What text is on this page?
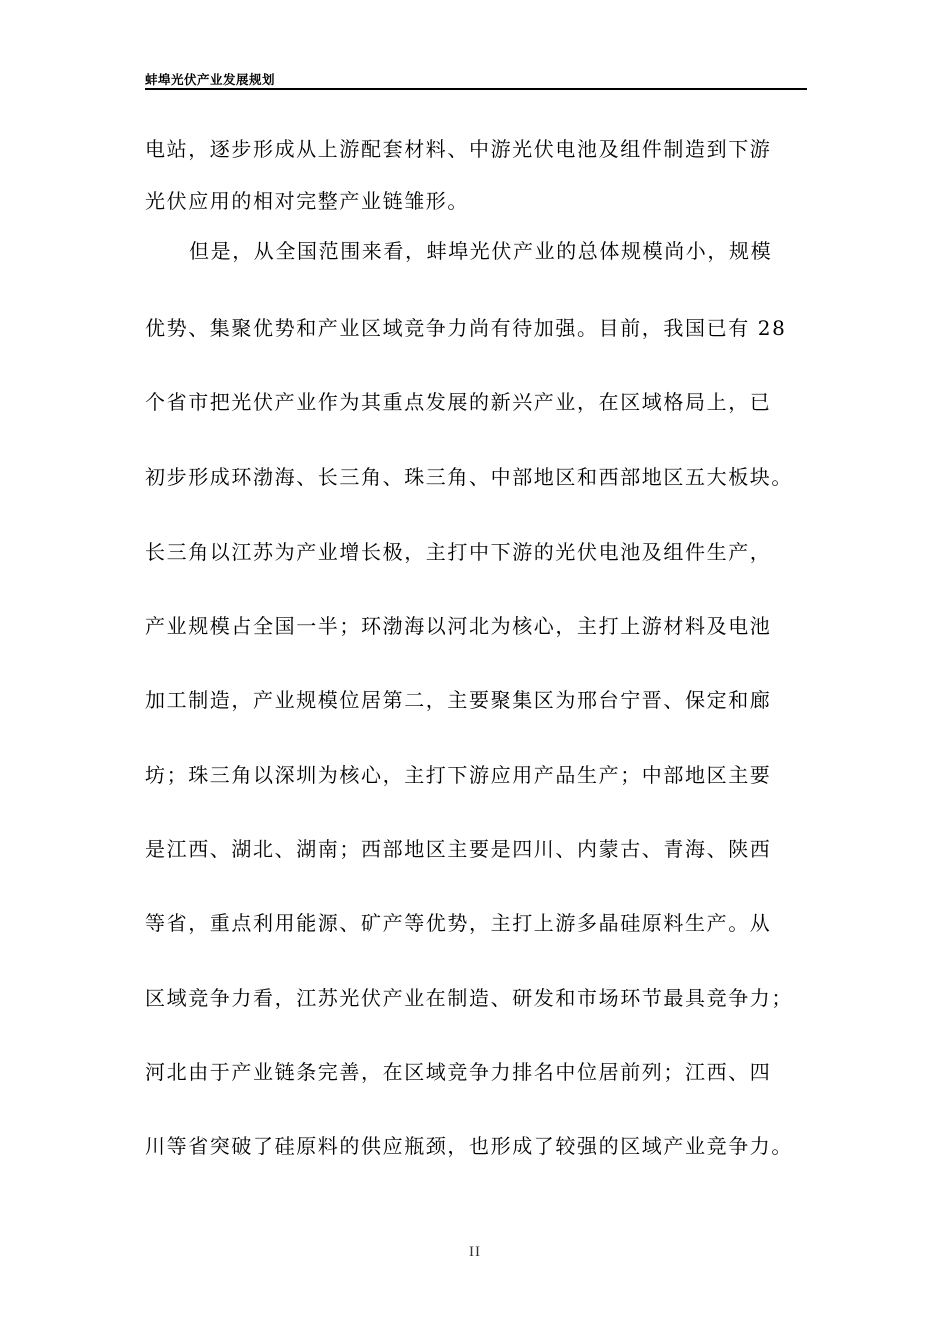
蚌埠光伏产业发展规划
电站，逐步形成从上游配套材料、中游光伏电池及组件制造到下游
光伏应用的相对完整产业链雏形。
但是，从全国范围来看，蚌埠光伏产业的总体规模尚小，规模
优势、集聚优势和产业区域竞争力尚有待加强。目前，我国已有 28
个省市把光伏产业作为其重点发展的新兴产业，在区域格局上，已
初步形成环渤海、长三角、珠三角、中部地区和西部地区五大板块。
长三角以江苏为产业增长极，主打中下游的光伏电池及组件生产，
产业规模占全国一半；环渤海以河北为核心，主打上游材料及电池
加工制造，产业规模位居第二，主要聚集区为邢台宁晋、保定和廊
坊；珠三角以深圳为核心，主打下游应用产品生产；中部地区主要
是江西、湖北、湖南；西部地区主要是四川、内蒙古、青海、陕西
等省，重点利用能源、矿产等优势，主打上游多晶硅原料生产。从
区域竞争力看，江苏光伏产业在制造、研发和市场环节最具竞争力；
河北由于产业链条完善，在区域竞争力排名中位居前列；江西、四
川等省突破了硅原料的供应瓶颈，也形成了较强的区域产业竞争力。
II
